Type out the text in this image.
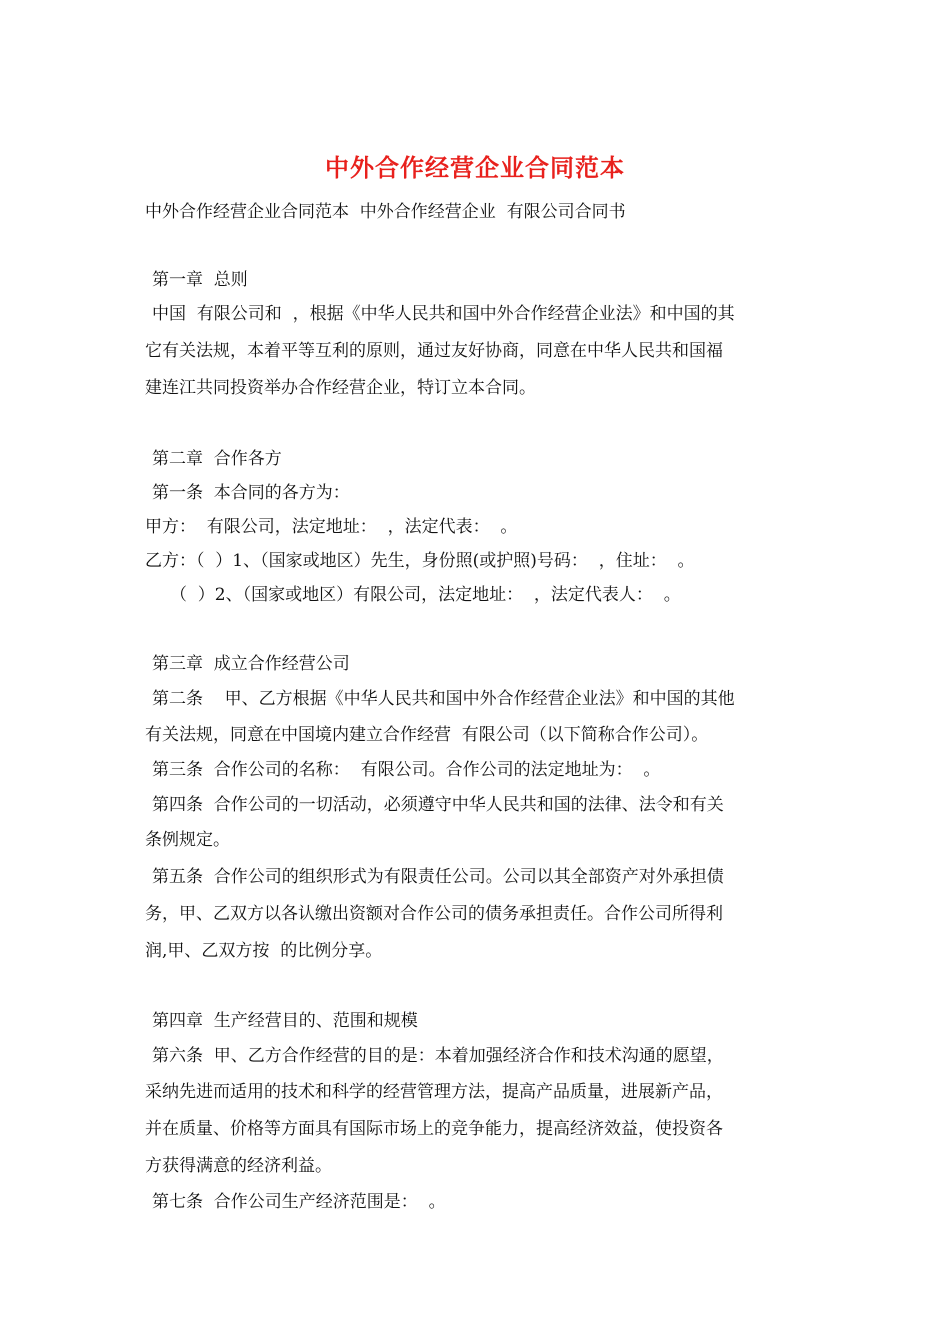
中外合作经营企业合同范本
中外合作经营企业合同范本  中外合作经营企业  有限公司合同书
第一章  总则
中国  有限公司和  ，根据《中华人民共和国中外合作经营企业法》和中国的其
它有关法规，本着平等互利的原则，通过友好协商，同意在中华人民共和国福
建连江共同投资举办合作经营企业，特订立本合同。
第二章  合作各方
第一条  本合同的各方为：
甲方：  有限公司，法定地址：  ，法定代表：  。
乙方：（  ）1、（国家或地区）先生，身份照(或护照)号码：  ，住址：  。
（  ）2、（国家或地区）有限公司，法定地址：  ，法定代表人：  。
第三章  成立合作经营公司
第二条    甲、乙方根据《中华人民共和国中外合作经营企业法》和中国的其他
有关法规，同意在中国境内建立合作经营  有限公司（以下简称合作公司）。
第三条  合作公司的名称：  有限公司。合作公司的法定地址为：  。
第四条  合作公司的一切活动，必须遵守中华人民共和国的法律、法令和有关
条例规定。
第五条  合作公司的组织形式为有限责任公司。公司以其全部资产对外承担债
务，甲、乙双方以各认缴出资额对合作公司的债务承担责任。合作公司所得利
润,甲、乙双方按  的比例分享。
第四章  生产经营目的、范围和规模
第六条  甲、乙方合作经营的目的是：本着加强经济合作和技术沟通的愿望，
采纳先进而适用的技术和科学的经营管理方法，提高产品质量，进展新产品，
并在质量、价格等方面具有国际市场上的竞争能力，提高经济效益，使投资各
方获得满意的经济利益。
第七条  合作公司生产经济范围是：  。
